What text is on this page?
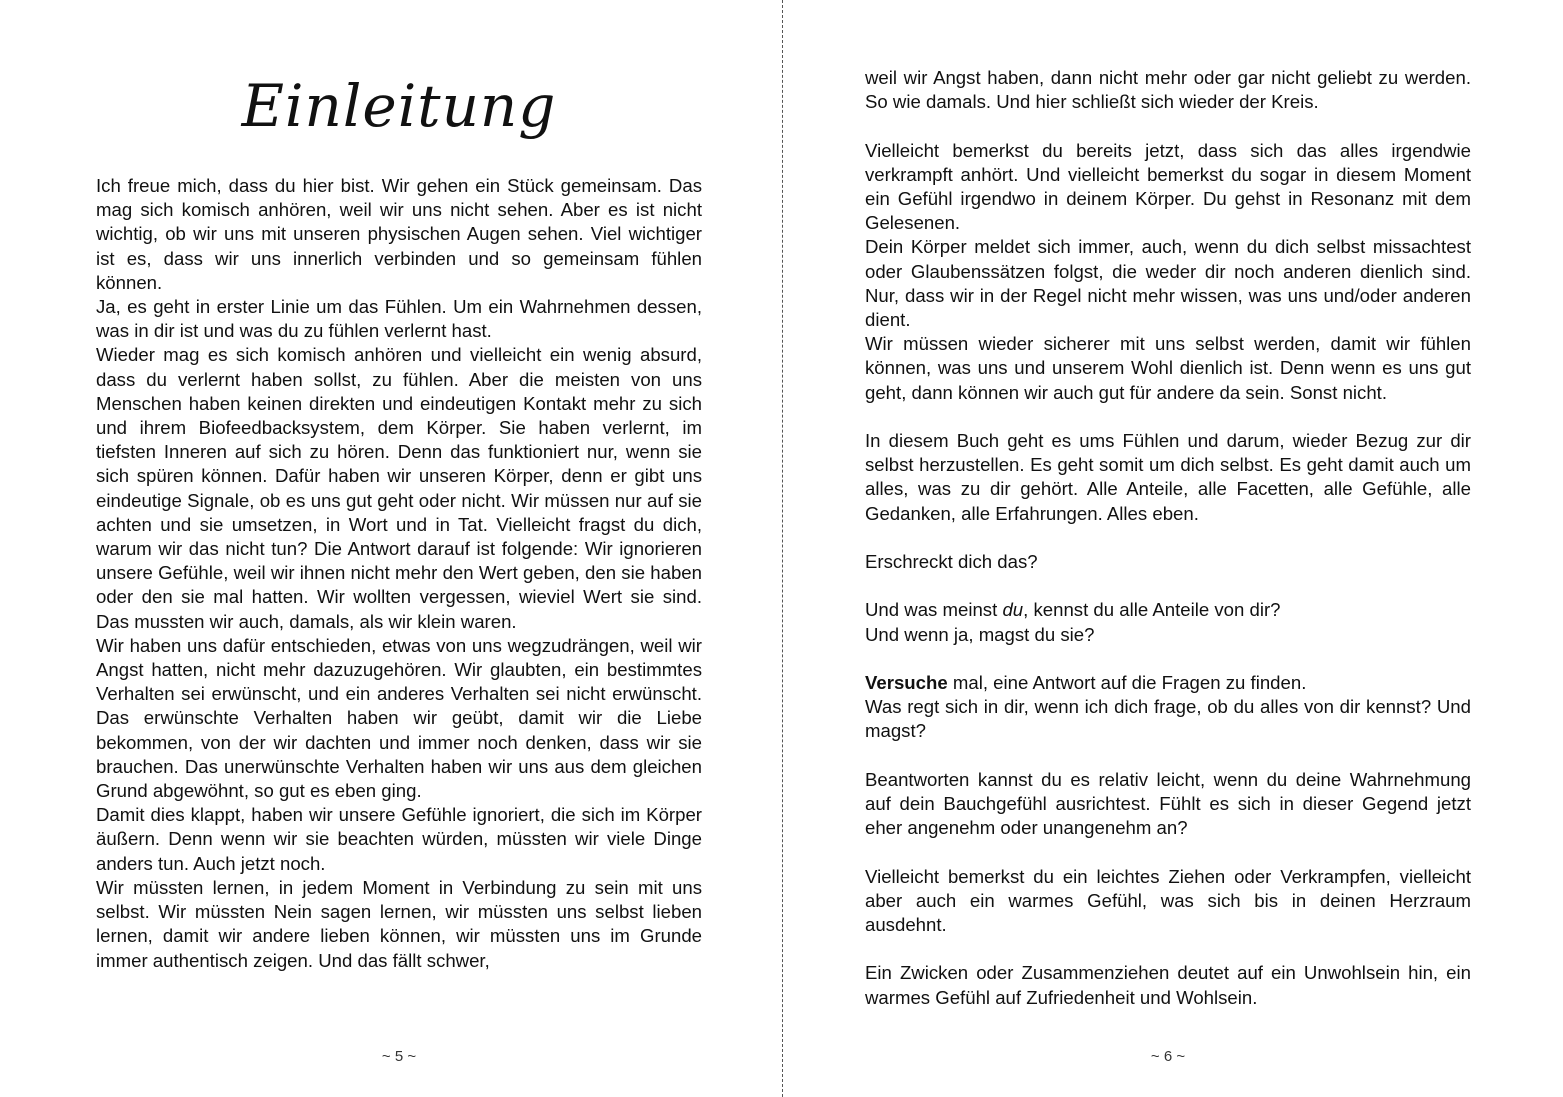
Einleitung

Ich freue mich, dass du hier bist. Wir gehen ein Stück gemeinsam. Das mag sich komisch anhören, weil wir uns nicht sehen. Aber es ist nicht wichtig, ob wir uns mit unseren physischen Augen sehen. Viel wichtiger ist es, dass wir uns innerlich verbinden und so gemeinsam fühlen können.

Ja, es geht in erster Linie um das Fühlen. Um ein Wahrnehmen dessen, was in dir ist und was du zu fühlen verlernt hast.

Wieder mag es sich komisch anhören und vielleicht ein wenig absurd, dass du verlernt haben sollst, zu fühlen. Aber die meisten von uns Menschen haben keinen direkten und eindeutigen Kontakt mehr zu sich und ihrem Biofeedbacksystem, dem Körper. Sie haben verlernt, im tiefsten Inneren auf sich zu hören. Denn das funktioniert nur, wenn sie sich spüren können. Dafür haben wir unseren Körper, denn er gibt uns eindeutige Signale, ob es uns gut geht oder nicht. Wir müssen nur auf sie achten und sie umsetzen, in Wort und in Tat. Vielleicht fragst du dich, warum wir das nicht tun? Die Antwort darauf ist folgende: Wir ignorieren unsere Gefühle, weil wir ihnen nicht mehr den Wert geben, den sie haben oder den sie mal hatten. Wir wollten vergessen, wieviel Wert sie sind. Das mussten wir auch, damals, als wir klein waren.

Wir haben uns dafür entschieden, etwas von uns wegzudrängen, weil wir Angst hatten, nicht mehr dazuzugehören. Wir glaubten, ein bestimmtes Verhalten sei erwünscht, und ein anderes Verhalten sei nicht erwünscht. Das erwünschte Verhalten haben wir geübt, damit wir die Liebe bekommen, von der wir dachten und immer noch denken, dass wir sie brauchen. Das unerwünschte Verhalten haben wir uns aus dem gleichen Grund abgewöhnt, so gut es eben ging.

Damit dies klappt, haben wir unsere Gefühle ignoriert, die sich im Körper äußern. Denn wenn wir sie beachten würden, müssten wir viele Dinge anders tun. Auch jetzt noch.

Wir müssten lernen, in jedem Moment in Verbindung zu sein mit uns selbst. Wir müssten Nein sagen lernen, wir müssten uns selbst lieben lernen, damit wir andere lieben können, wir müssten uns im Grunde immer authentisch zeigen. Und das fällt schwer,

~ 5 ~

weil wir Angst haben, dann nicht mehr oder gar nicht geliebt zu werden. So wie damals. Und hier schließt sich wieder der Kreis.

Vielleicht bemerkst du bereits jetzt, dass sich das alles irgendwie verkrampft anhört. Und vielleicht bemerkst du sogar in diesem Moment ein Gefühl irgendwo in deinem Körper. Du gehst in Resonanz mit dem Gelesenen.

Dein Körper meldet sich immer, auch, wenn du dich selbst missachtest oder Glaubenssätzen folgst, die weder dir noch anderen dienlich sind. Nur, dass wir in der Regel nicht mehr wissen, was uns und/oder anderen dient.

Wir müssen wieder sicherer mit uns selbst werden, damit wir fühlen können, was uns und unserem Wohl dienlich ist. Denn wenn es uns gut geht, dann können wir auch gut für andere da sein. Sonst nicht.

In diesem Buch geht es ums Fühlen und darum, wieder Bezug zur dir selbst herzustellen. Es geht somit um dich selbst. Es geht damit auch um alles, was zu dir gehört. Alle Anteile, alle Facetten, alle Gefühle, alle Gedanken, alle Erfahrungen. Alles eben.

Erschreckt dich das?

Und was meinst du, kennst du alle Anteile von dir?

Und wenn ja, magst du sie?

Versuche mal, eine Antwort auf die Fragen zu finden.

Was regt sich in dir, wenn ich dich frage, ob du alles von dir kennst? Und magst?

Beantworten kannst du es relativ leicht, wenn du deine Wahrnehmung auf dein Bauchgefühl ausrichtest. Fühlt es sich in dieser Gegend jetzt eher angenehm oder unangenehm an?

Vielleicht bemerkst du ein leichtes Ziehen oder Verkrampfen, vielleicht aber auch ein warmes Gefühl, was sich bis in deinen Herzraum ausdehnt.

Ein Zwicken oder Zusammenziehen deutet auf ein Unwohlsein hin, ein warmes Gefühl auf Zufriedenheit und Wohlsein.

~ 6 ~
